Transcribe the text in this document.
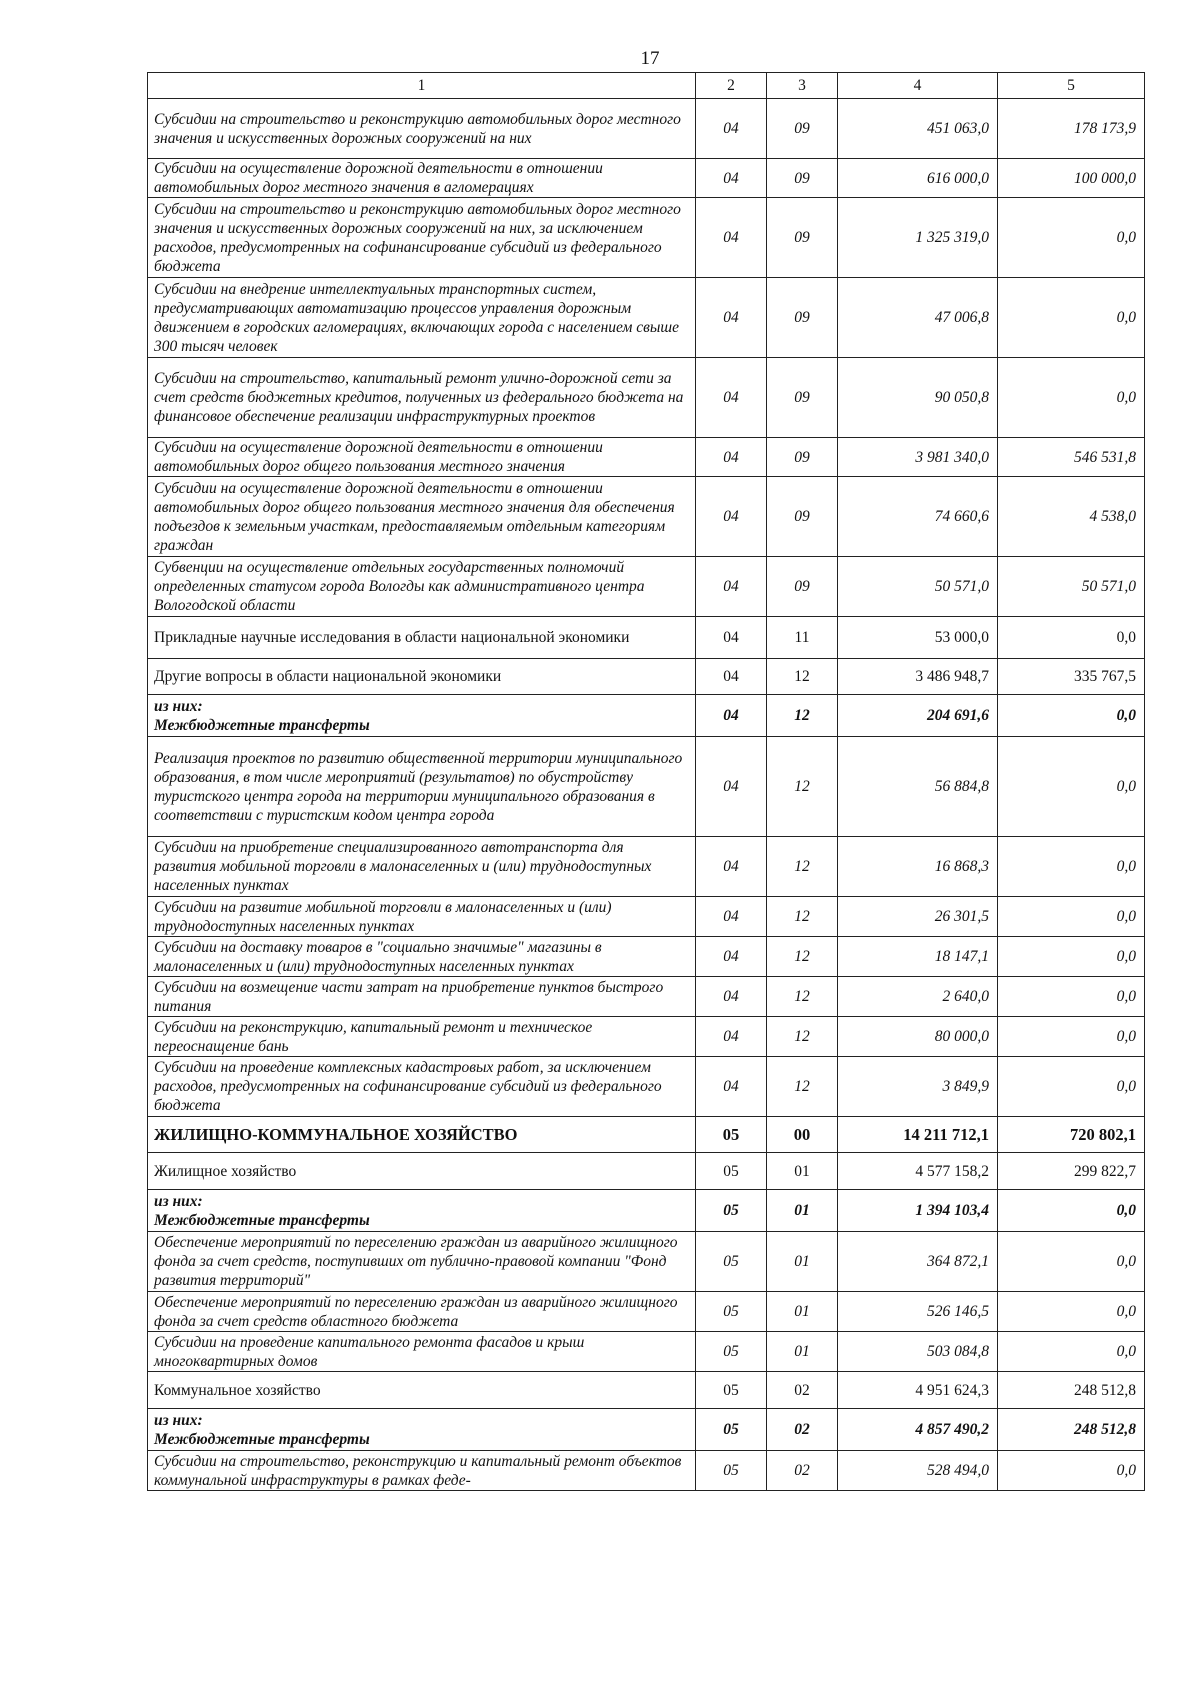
17
1	2	3	4	5

Субсидии на строительство и реконструкцию автомобильных дорог местного значения и искусственных дорожных сооружений на них	04	09	451 063,0	178 173,9

Субсидии на осуществление дорожной деятельности в отношении автомобильных дорог местного значения в агломерациях	04	09	616 000,0	100 000,0

Субсидии на строительство и реконструкцию автомобильных дорог местного значения и искусственных дорожных сооружений на них, за исключением расходов, предусмотренных на софинансирование субсидий из федерального бюджета	04	09	1 325 319,0	0,0

Субсидии на внедрение интеллектуальных транспортных систем, предусматривающих автоматизацию процессов управления дорожным движением в городских агломерациях, включающих города с населением свыше 300 тысяч человек	04	09	47 006,8	0,0

Субсидии на строительство, капитальный ремонт улично-дорожной сети за счет средств бюджетных кредитов, полученных из федерального бюджета на финансовое обеспечение реализации инфраструктурных проектов	04	09	90 050,8	0,0

Субсидии на осуществление дорожной деятельности в отношении автомобильных дорог общего пользования местного значения	04	09	3 981 340,0	546 531,8

Субсидии на осуществление дорожной деятельности в отношении автомобильных дорог общего пользования местного значения для обеспечения подъездов к земельным участкам, предоставляемым отдельным категориям граждан	04	09	74 660,6	4 538,0

Субвенции на осуществление отдельных государственных полномочий определенных статусом города Вологды как административного центра Вологодской области	04	09	50 571,0	50 571,0

Прикладные научные исследования в области национальной экономики	04	11	53 000,0	0,0

Другие вопросы в области национальной экономики	04	12	3 486 948,7	335 767,5

из них:
Межбюджетные трансферты	04	12	204 691,6	0,0

Реализация проектов по развитию общественной территории муниципального образования, в том числе мероприятий (результатов) по обустройству туристского центра города на территории муниципального образования в соответствии с туристским кодом центра города	04	12	56 884,8	0,0

Субсидии на приобретение специализированного автотранспорта для развития мобильной торговли в малонаселенных и (или) труднодоступных населенных пунктах	04	12	16 868,3	0,0

Субсидии на развитие мобильной торговли в малонаселенных и (или) труднодоступных населенных пунктах	04	12	26 301,5	0,0

Субсидии на доставку товаров в "социально значимые" магазины в малонаселенных и (или) труднодоступных населенных пунктах	04	12	18 147,1	0,0

Субсидии на возмещение части затрат на приобретение пунктов быстрого питания	04	12	2 640,0	0,0

Субсидии на реконструкцию, капитальный ремонт и техническое переоснащение бань	04	12	80 000,0	0,0

Субсидии на проведение комплексных кадастровых работ, за исключением расходов, предусмотренных на софинансирование субсидий из федерального бюджета	04	12	3 849,9	0,0

ЖИЛИЩНО-КОММУНАЛЬНОЕ ХОЗЯЙСТВО	05	00	14 211 712,1	720 802,1

Жилищное хозяйство	05	01	4 577 158,2	299 822,7

из них:
Межбюджетные трансферты	05	01	1 394 103,4	0,0

Обеспечение мероприятий по переселению граждан из аварийного жилищного фонда за счет средств, поступивших от публично-правовой компании "Фонд развития территорий"	05	01	364 872,1	0,0

Обеспечение мероприятий по переселению граждан из аварийного жилищного фонда за счет средств областного бюджета	05	01	526 146,5	0,0

Субсидии на проведение капитального ремонта фасадов и крыш многоквартирных домов	05	01	503 084,8	0,0

Коммунальное хозяйство	05	02	4 951 624,3	248 512,8

из них:
Межбюджетные трансферты	05	02	4 857 490,2	248 512,8

Субсидии на строительство, реконструкцию и капитальный ремонт объектов коммунальной инфраструктуры в рамках феде-	05	02	528 494,0	0,0
